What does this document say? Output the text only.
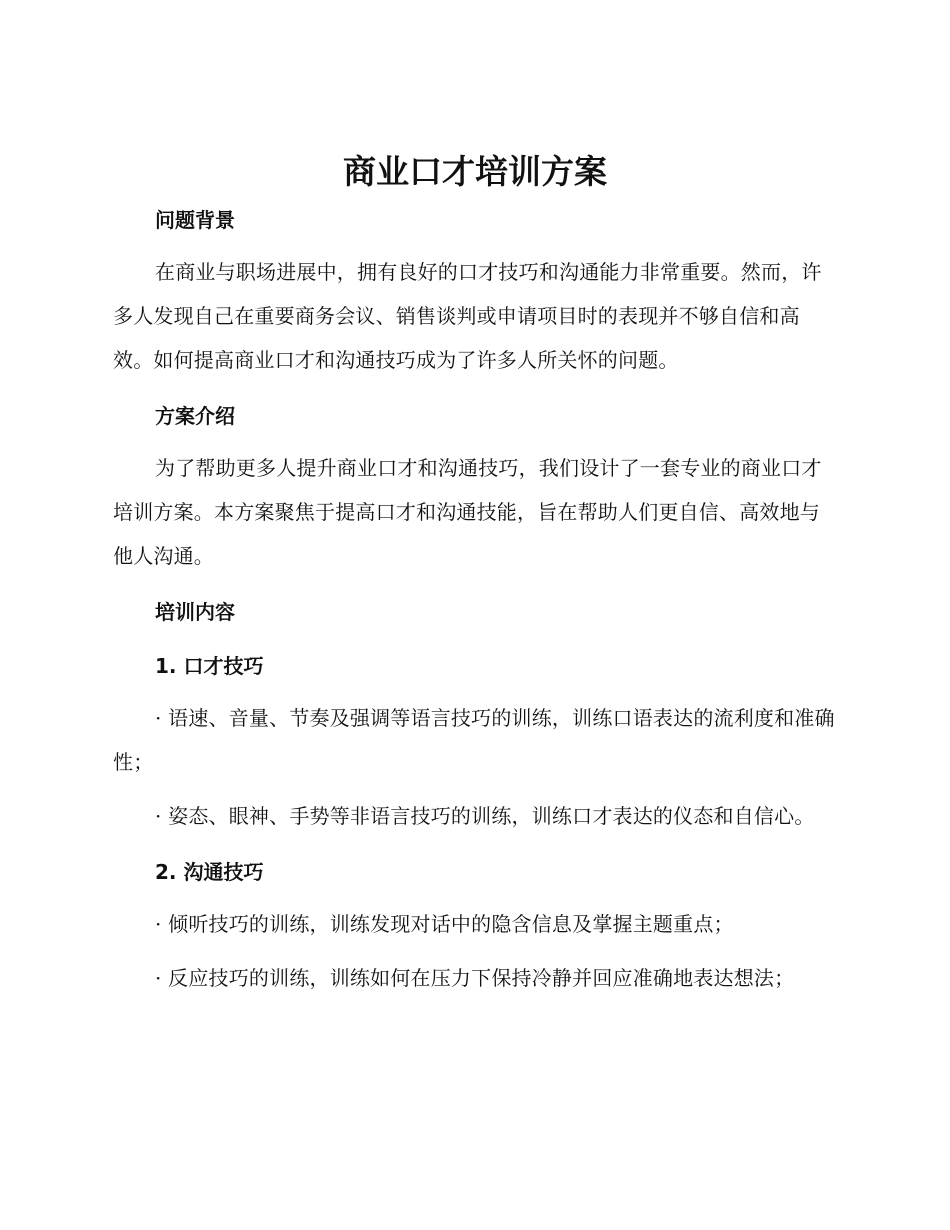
商业口才培训方案
问题背景

在商业与职场进展中，拥有良好的口才技巧和沟通能力非常重要。然而，许多人发现自己在重要商务会议、销售谈判或申请项目时的表现并不够自信和高效。如何提高商业口才和沟通技巧成为了许多人所关怀的问题。

方案介绍

为了帮助更多人提升商业口才和沟通技巧，我们设计了一套专业的商业口才培训方案。本方案聚焦于提高口才和沟通技能，旨在帮助人们更自信、高效地与他人沟通。

培训内容
1. 口才技巧

· 语速、音量、节奏及强调等语言技巧的训练，训练口语表达的流利度和准确性；

· 姿态、眼神、手势等非语言技巧的训练，训练口才表达的仪态和自信心。

2. 沟通技巧

· 倾听技巧的训练，训练发现对话中的隐含信息及掌握主题重点；

· 反应技巧的训练，训练如何在压力下保持冷静并回应准确地表达想法；
